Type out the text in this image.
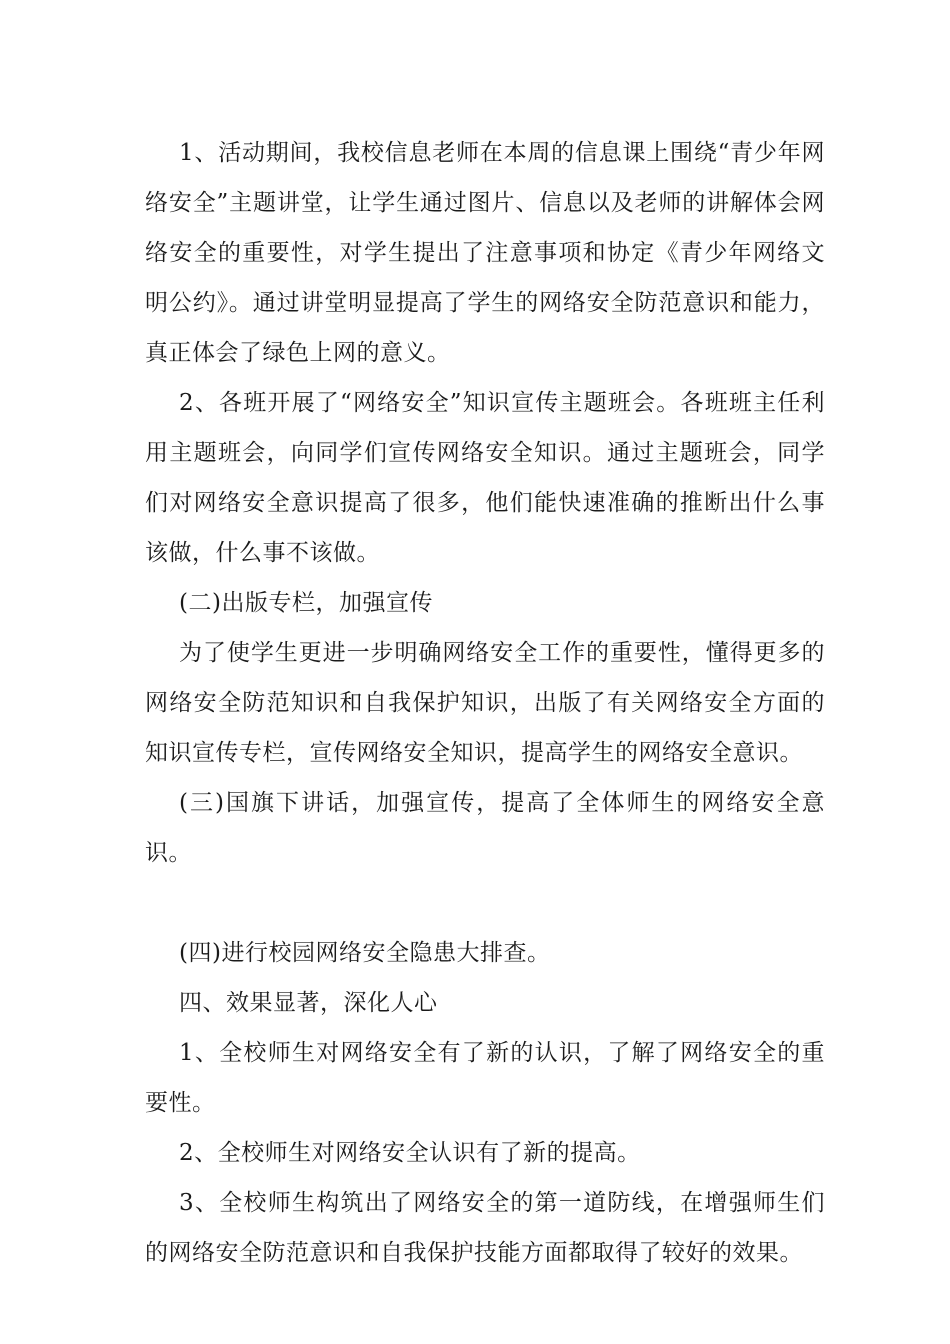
1、活动期间，我校信息老师在本周的信息课上围绕“青少年网络安全”主题讲堂，让学生通过图片、信息以及老师的讲解体会网络安全的重要性，对学生提出了注意事项和协定《青少年网络文明公约》。通过讲堂明显提高了学生的网络安全防范意识和能力，真正体会了绿色上网的意义。

2、各班开展了“网络安全”知识宣传主题班会。各班班主任利用主题班会，向同学们宣传网络安全知识。通过主题班会，同学们对网络安全意识提高了很多，他们能快速准确的推断出什么事该做，什么事不该做。

(二)出版专栏，加强宣传

为了使学生更进一步明确网络安全工作的重要性，懂得更多的网络安全防范知识和自我保护知识，出版了有关网络安全方面的知识宣传专栏，宣传网络安全知识，提高学生的网络安全意识。

(三)国旗下讲话，加强宣传，提高了全体师生的网络安全意识。

(四)进行校园网络安全隐患大排查。

四、效果显著，深化人心

1、全校师生对网络安全有了新的认识，了解了网络安全的重要性。

2、全校师生对网络安全认识有了新的提高。

3、全校师生构筑出了网络安全的第一道防线，在增强师生们的网络安全防范意识和自我保护技能方面都取得了较好的效果。
